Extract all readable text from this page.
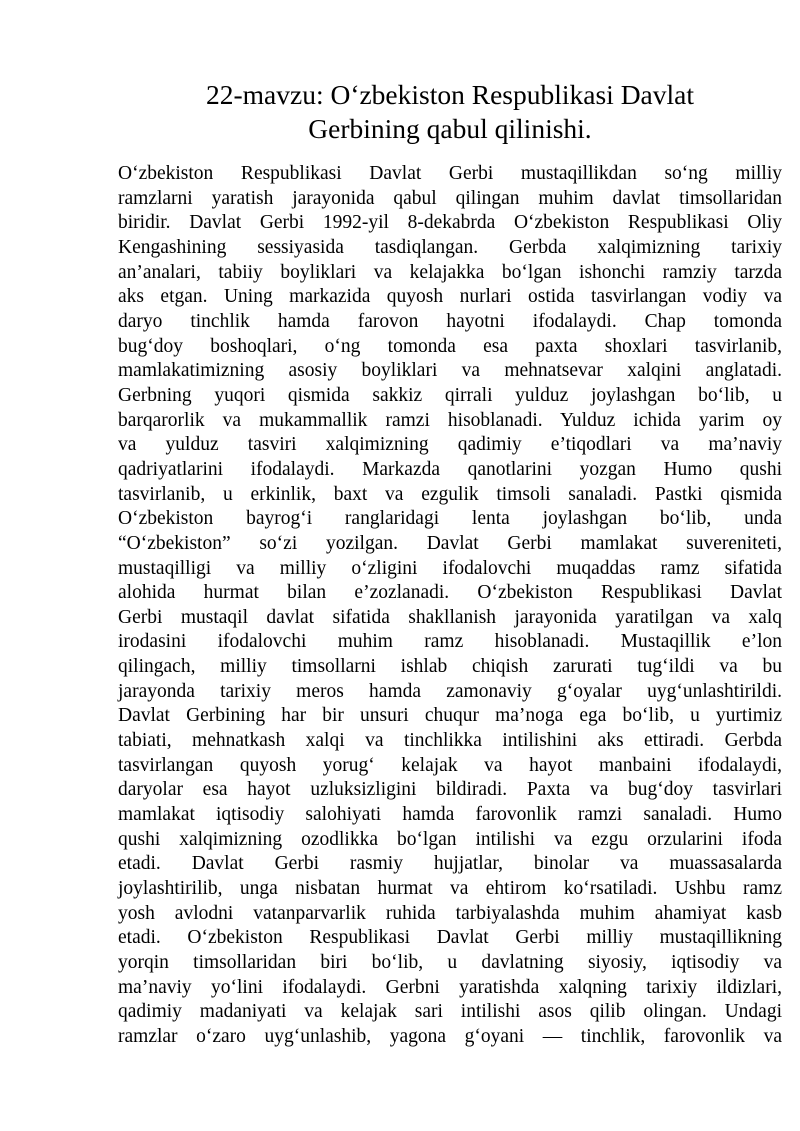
22-mavzu: O‘zbekiston Respublikasi Davlat
Gerbining qabul qilinishi.
O‘zbekiston Respublikasi Davlat Gerbi mustaqillikdan so‘ng milliy
ramzlarni yaratish jarayonida qabul qilingan muhim davlat timsollaridan
biridir. Davlat Gerbi 1992-yil 8-dekabrda O‘zbekiston Respublikasi Oliy
Kengashining sessiyasida tasdiqlangan. Gerbda xalqimizning tarixiy
an’analari, tabiiy boyliklari va kelajakka bo‘lgan ishonchi ramziy tarzda
aks etgan. Uning markazida quyosh nurlari ostida tasvirlangan vodiy va
daryo tinchlik hamda farovon hayotni ifodalaydi. Chap tomonda
bug‘doy boshoqlari, o‘ng tomonda esa paxta shoxlari tasvirlanib,
mamlakatimizning asosiy boyliklari va mehnatsevar xalqini anglatadi.
Gerbning yuqori qismida sakkiz qirrali yulduz joylashgan bo‘lib, u
barqarorlik va mukammallik ramzi hisoblanadi. Yulduz ichida yarim oy
va yulduz tasviri xalqimizning qadimiy e’tiqodlari va ma’naviy
qadriyatlarini ifodalaydi. Markazda qanotlarini yozgan Humo qushi
tasvirlanib, u erkinlik, baxt va ezgulik timsoli sanaladi. Pastki qismida
O‘zbekiston bayrog‘i ranglaridagi lenta joylashgan bo‘lib, unda
“O‘zbekiston” so‘zi yozilgan. Davlat Gerbi mamlakat suvereniteti,
mustaqilligi va milliy o‘zligini ifodalovchi muqaddas ramz sifatida
alohida hurmat bilan e’zozlanadi. O‘zbekiston Respublikasi Davlat
Gerbi mustaqil davlat sifatida shakllanish jarayonida yaratilgan va xalq
irodasini ifodalovchi muhim ramz hisoblanadi. Mustaqillik e’lon
qilingach, milliy timsollarni ishlab chiqish zarurati tug‘ildi va bu
jarayonda tarixiy meros hamda zamonaviy g‘oyalar uyg‘unlashtirildi.
Davlat Gerbining har bir unsuri chuqur ma’noga ega bo‘lib, u yurtimiz
tabiati, mehnatkash xalqi va tinchlikka intilishini aks ettiradi. Gerbda
tasvirlangan quyosh yorug‘ kelajak va hayot manbaini ifodalaydi,
daryolar esa hayot uzluksizligini bildiradi. Paxta va bug‘doy tasvirlari
mamlakat iqtisodiy salohiyati hamda farovonlik ramzi sanaladi. Humo
qushi xalqimizning ozodlikka bo‘lgan intilishi va ezgu orzularini ifoda
etadi. Davlat Gerbi rasmiy hujjatlar, binolar va muassasalarda
joylashtirilib, unga nisbatan hurmat va ehtirom ko‘rsatiladi. Ushbu ramz
yosh avlodni vatanparvarlik ruhida tarbiyalashda muhim ahamiyat kasb
etadi. O‘zbekiston Respublikasi Davlat Gerbi milliy mustaqillikning
yorqin timsollaridan biri bo‘lib, u davlatning siyosiy, iqtisodiy va
ma’naviy yo‘lini ifodalaydi. Gerbni yaratishda xalqning tarixiy ildizlari,
qadimiy madaniyati va kelajak sari intilishi asos qilib olingan. Undagi
ramzlar o‘zaro uyg‘unlashib, yagona g‘oyani — tinchlik, farovonlik va
